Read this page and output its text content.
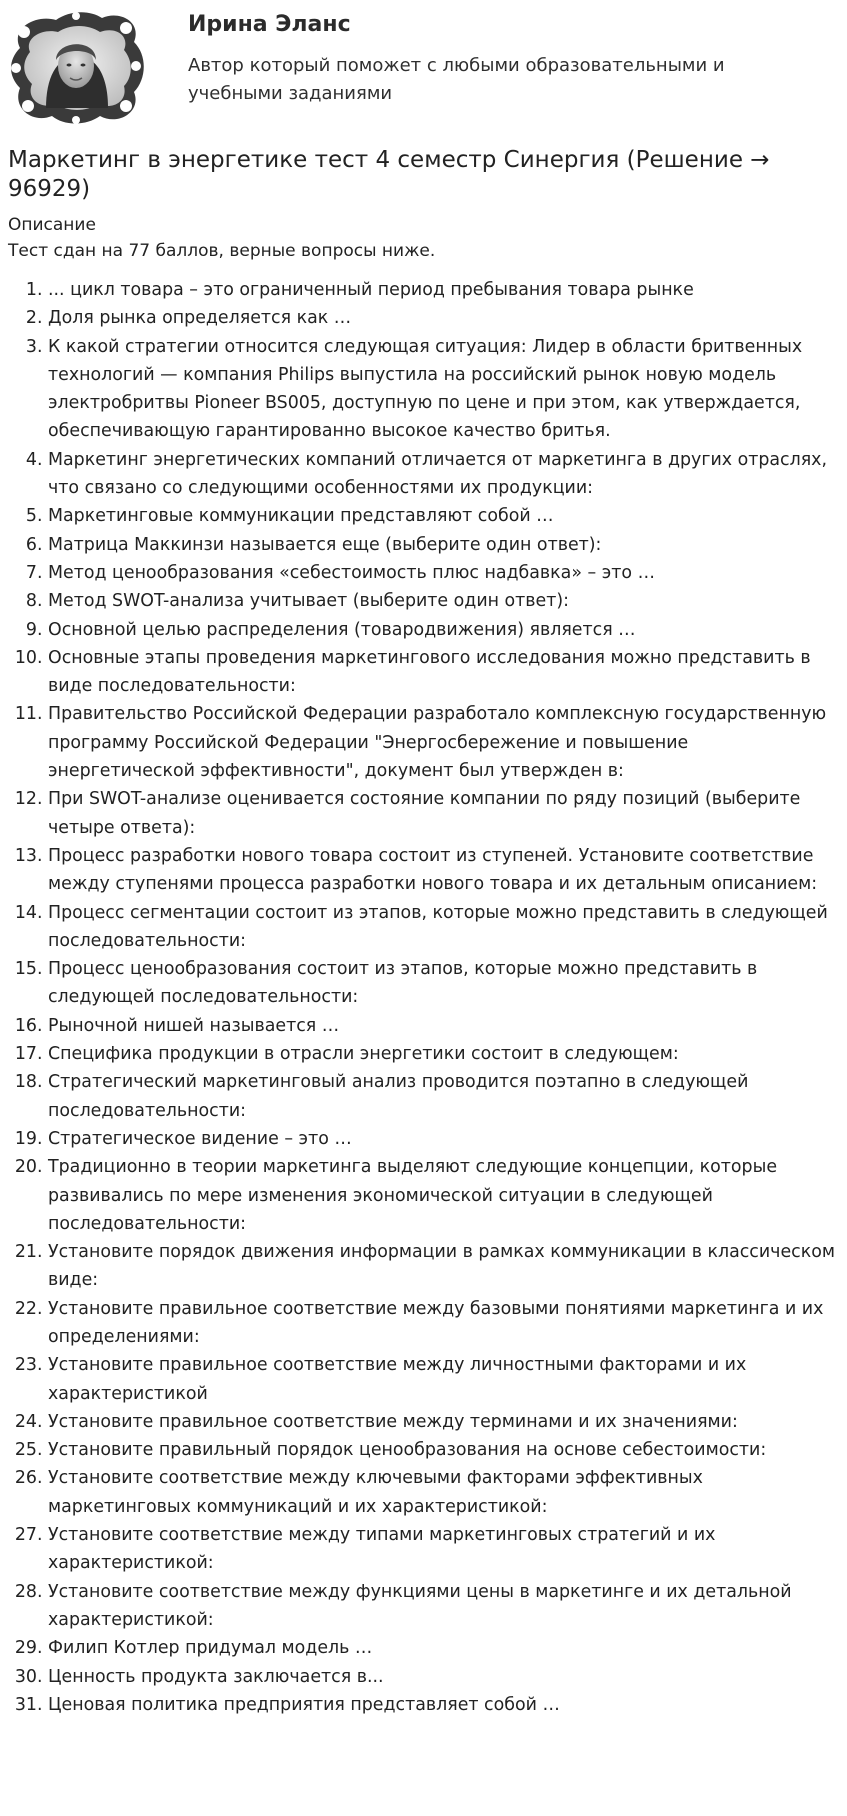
Ирина Эланс

Автор который поможет с любыми образовательными и учебными заданиями

Маркетинг в энергетике тест 4 семестр Синергия (Решение → 96929)

Описание

Тест сдан на 77 баллов, верные вопросы ниже.

1. ... цикл товара – это ограниченный период пребывания товара рынке
2. Доля рынка определяется как …
3. К какой стратегии относится следующая ситуация: Лидер в области бритвенных технологий — компания Philips выпустила на российский рынок новую модель электробритвы Pioneer BS005, доступную по цене и при этом, как утверждается, обеспечивающую гарантированно высокое качество бритья.
4. Маркетинг энергетических компаний отличается от маркетинга в других отраслях, что связано со следующими особенностями их продукции:
5. Маркетинговые коммуникации представляют собой …
6. Матрица Маккинзи называется еще (выберите один ответ):
7. Метод ценообразования «себестоимость плюс надбавка» – это …
8. Метод SWOT-анализа учитывает (выберите один ответ):
9. Основной целью распределения (товародвижения) является …
10. Основные этапы проведения маркетингового исследования можно представить в виде последовательности:
11. Правительство Российской Федерации разработало комплексную государственную программу Российской Федерации "Энергосбережение и повышение энергетической эффективности", документ был утвержден в:
12. При SWOT-анализе оценивается состояние компании по ряду позиций (выберите четыре ответа):
13. Процесс разработки нового товара состоит из ступеней. Установите соответствие между ступенями процесса разработки нового товара и их детальным описанием:
14. Процесс сегментации состоит из этапов, которые можно представить в следующей последовательности:
15. Процесс ценообразования состоит из этапов, которые можно представить в следующей последовательности:
16. Рыночной нишей называется …
17. Специфика продукции в отрасли энергетики состоит в следующем:
18. Стратегический маркетинговый анализ проводится поэтапно в следующей последовательности:
19. Стратегическое видение – это …
20. Традиционно в теории маркетинга выделяют следующие концепции, которые развивались по мере изменения экономической ситуации в следующей последовательности:
21. Установите порядок движения информации в рамках коммуникации в классическом виде:
22. Установите правильное соответствие между базовыми понятиями маркетинга и их определениями:
23. Установите правильное соответствие между личностными факторами и их характеристикой
24. Установите правильное соответствие между терминами и их значениями:
25. Установите правильный порядок ценообразования на основе себестоимости:
26. Установите соответствие между ключевыми факторами эффективных маркетинговых коммуникаций и их характеристикой:
27. Установите соответствие между типами маркетинговых стратегий и их характеристикой:
28. Установите соответствие между функциями цены в маркетинге и их детальной характеристикой:
29. Филип Котлер придумал модель …
30. Ценность продукта заключается в...
31. Ценовая политика предприятия представляет собой …
